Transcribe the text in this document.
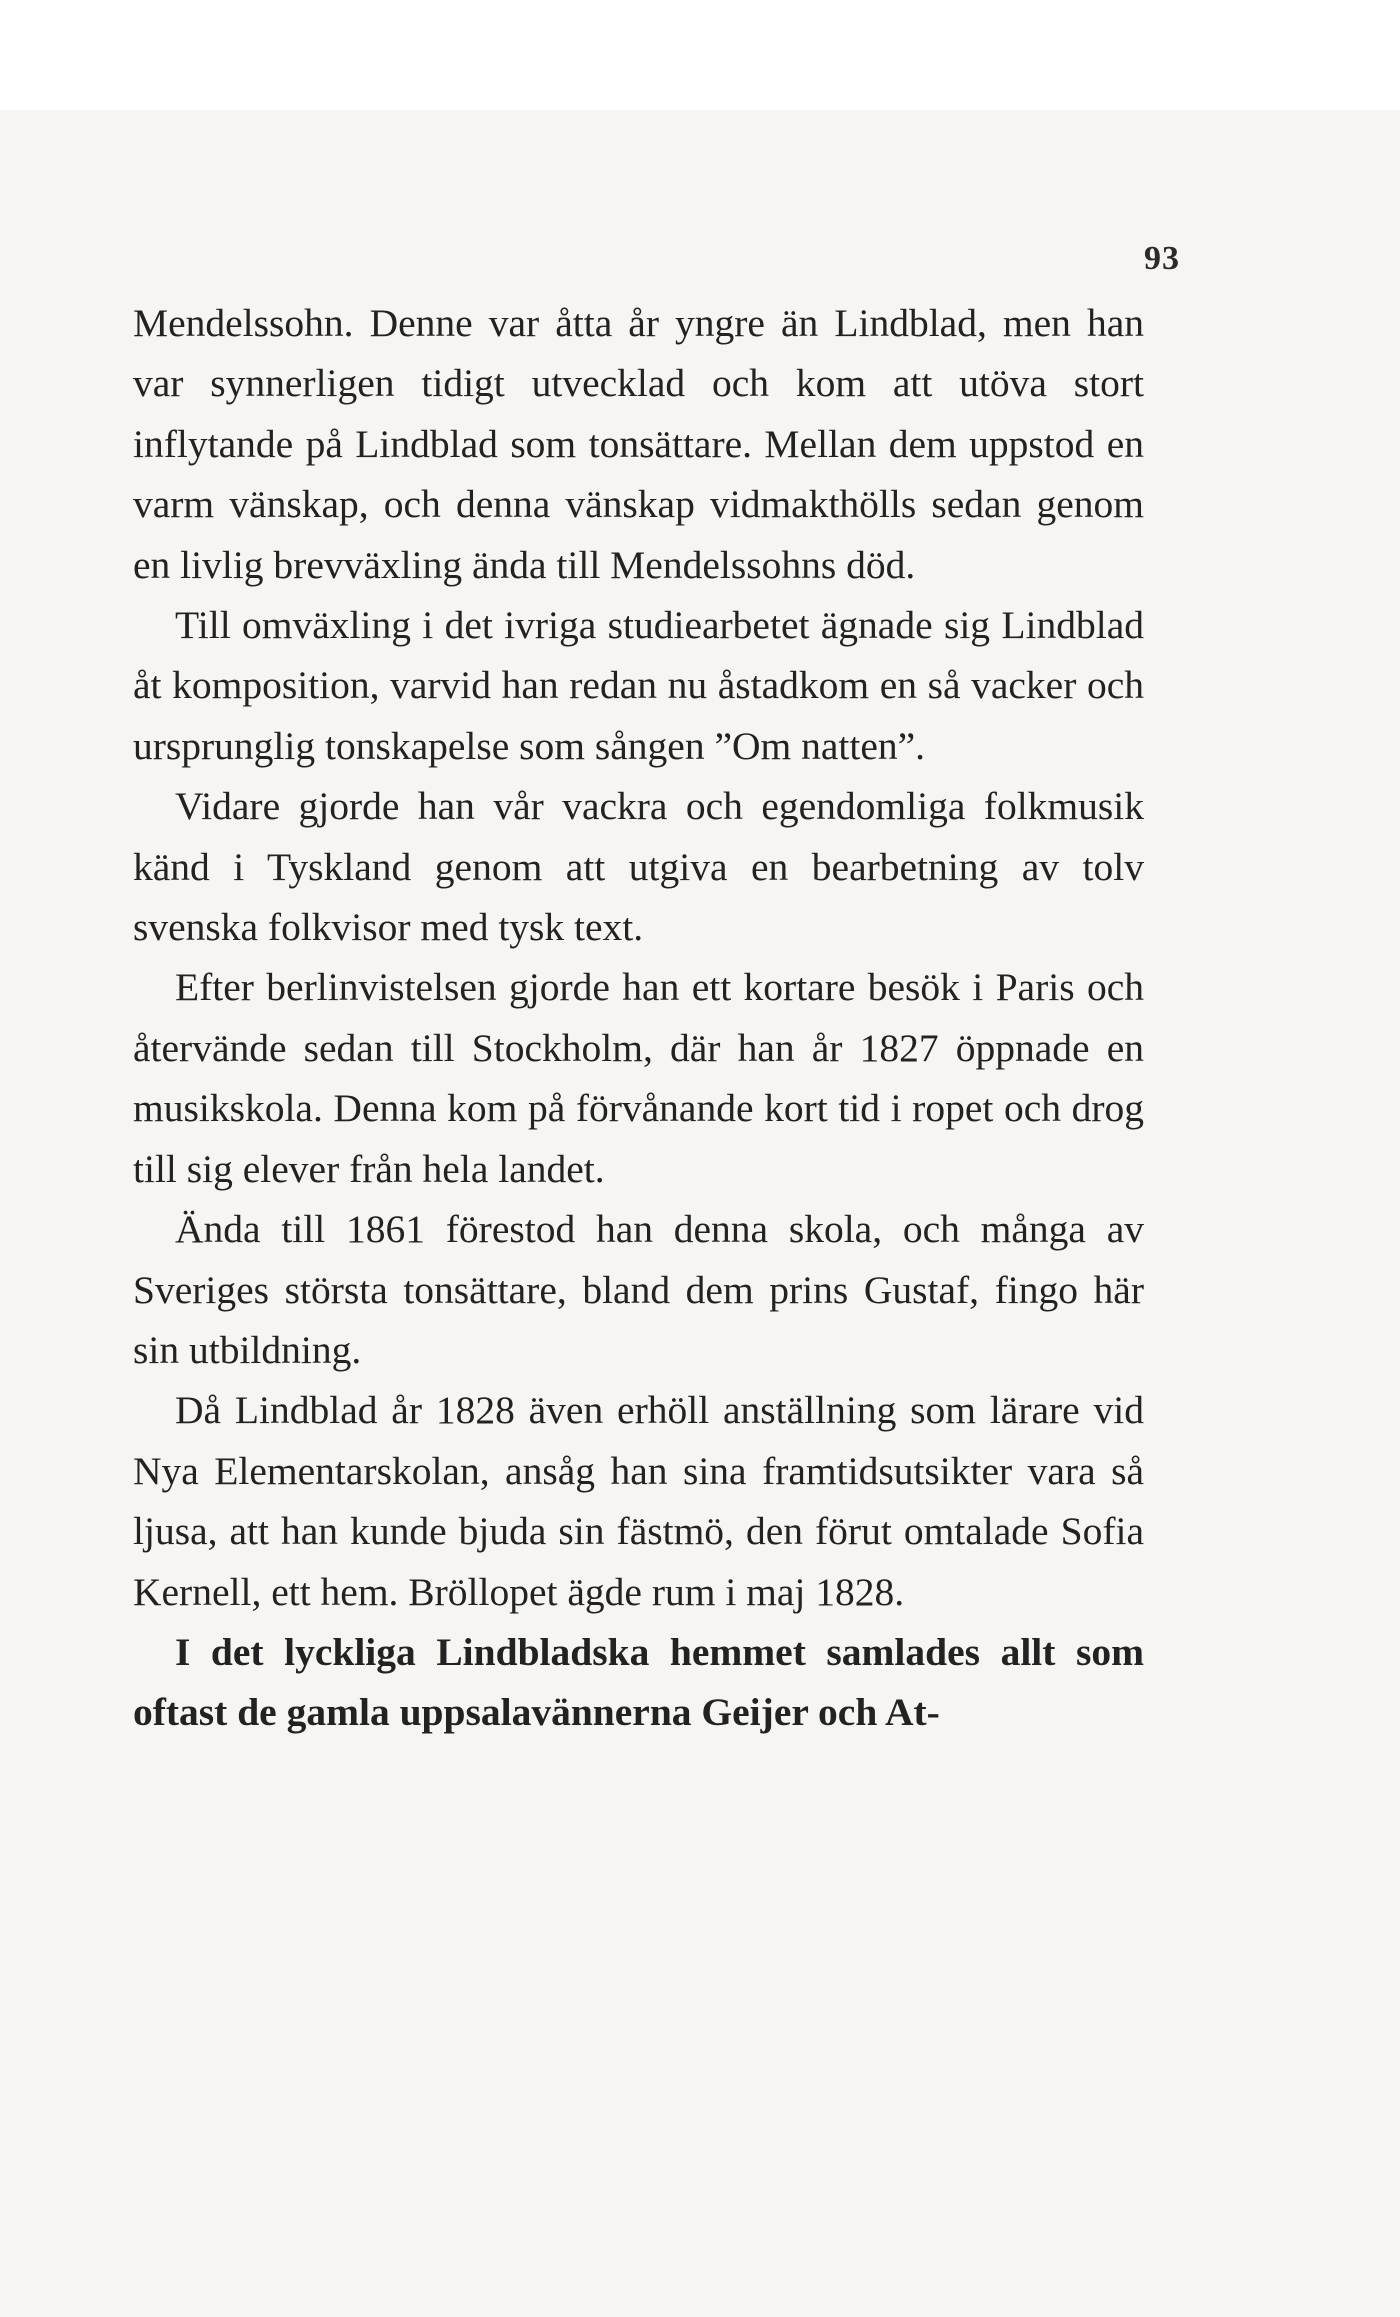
93

Mendelssohn. Denne var åtta år yngre än Lindblad, men han var synnerligen tidigt utvecklad och kom att utöva stort inflytande på Lindblad som tonsättare. Mellan dem uppstod en varm vänskap, och denna vänskap vidmakthölls sedan genom en livlig brevväxling ända till Mendelssohns död.

Till omväxling i det ivriga studiearbetet ägnade sig Lindblad åt komposition, varvid han redan nu åstadkom en så vacker och ursprunglig tonskapelse som sången ”Om natten”.

Vidare gjorde han vår vackra och egendomliga folkmusik känd i Tyskland genom att utgiva en bearbetning av tolv svenska folkvisor med tysk text.

Efter berlinvistelsen gjorde han ett kortare besök i Paris och återvände sedan till Stockholm, där han år 1827 öppnade en musikskola. Denna kom på förvånande kort tid i ropet och drog till sig elever från hela landet.

Ända till 1861 förestod han denna skola, och många av Sveriges största tonsättare, bland dem prins Gustaf, fingo här sin utbildning.

Då Lindblad år 1828 även erhöll anställning som lärare vid Nya Elementarskolan, ansåg han sina framtidsutsikter vara så ljusa, att han kunde bjuda sin fästmö, den förut omtalade Sofia Kernell, ett hem. Bröllopet ägde rum i maj 1828.

I det lyckliga Lindbladska hemmet samlades allt som oftast de gamla uppsalavännerna Geijer och At-
